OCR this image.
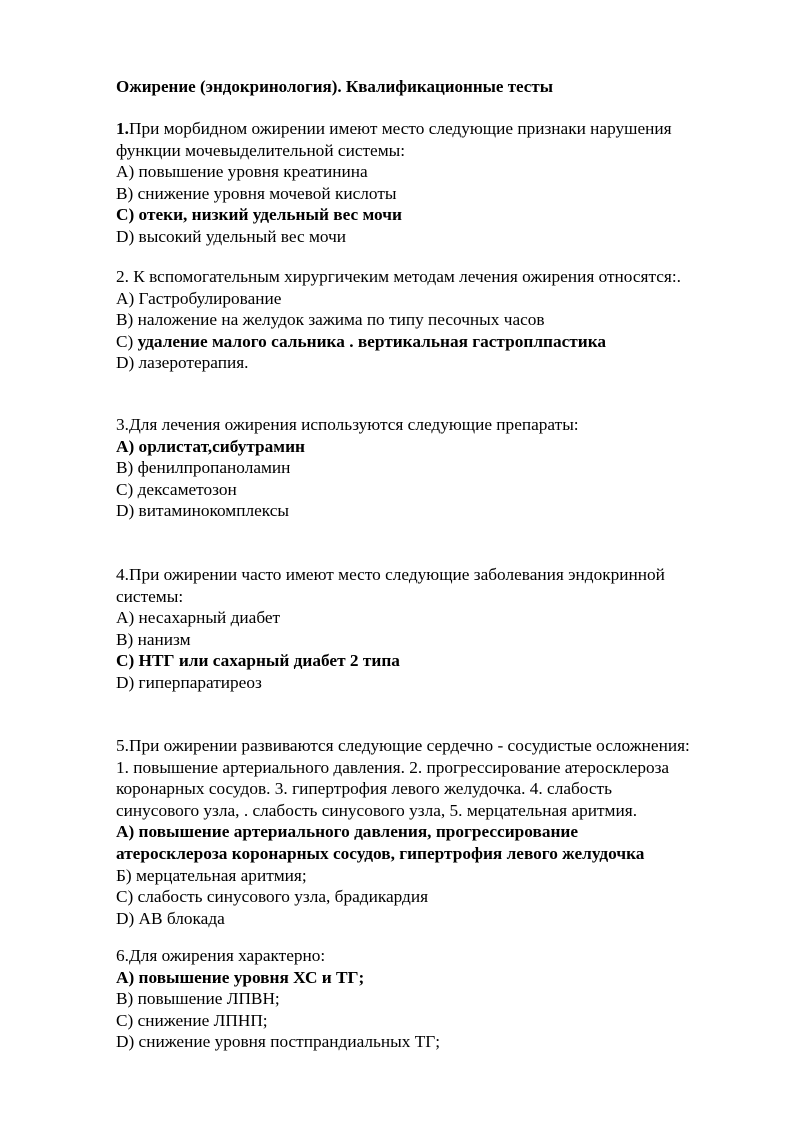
Ожирение (эндокринология). Квалификационные тесты
1.При морбидном ожирении имеют место следующие признаки нарушения
функции мочевыделительной системы:
А) повышение уровня креатинина
В) снижение уровня мочевой кислоты
С) отеки, низкий удельный вес мочи
D) высокий удельный вес мочи
2. К вспомогательным хирургичеким методам лечения ожирения относятся:.
А) Гастробулирование
В) наложение на желудок зажима по типу песочных часов
С) удаление малого сальника . вертикальная гастроплпастика
D) лазеротерапия.
3.Для лечения ожирения используются следующие препараты:
А) орлистат,сибутрамин
В) фенилпропаноламин
С) дексаметозон
D) витаминокомплексы
4.При ожирении часто имеют место следующие заболевания эндокринной
системы:
А) несахарный диабет
В) нанизм
С) НТГ или сахарный диабет 2 типа
D) гиперпаратиреоз
5.При ожирении развиваются следующие сердечно - сосудистые осложнения:
1. повышение артериального давления. 2. прогрессирование атеросклероза
коронарных сосудов. 3. гипертрофия левого желудочка. 4. слабость
синусового узла, . слабость синусового узла, 5. мерцательная аритмия.
А) повышение артериального давления, прогрессирование
атеросклероза коронарных сосудов, гипертрофия левого желудочка
Б) мерцательная аритмия;
С) слабость синусового узла, брадикардия
D) АВ блокада
6.Для ожирения характерно:
А) повышение уровня ХС и ТГ;
В) повышение ЛПВН;
С) снижение ЛПНП;
D) снижение уровня постпрандиальных ТГ;
